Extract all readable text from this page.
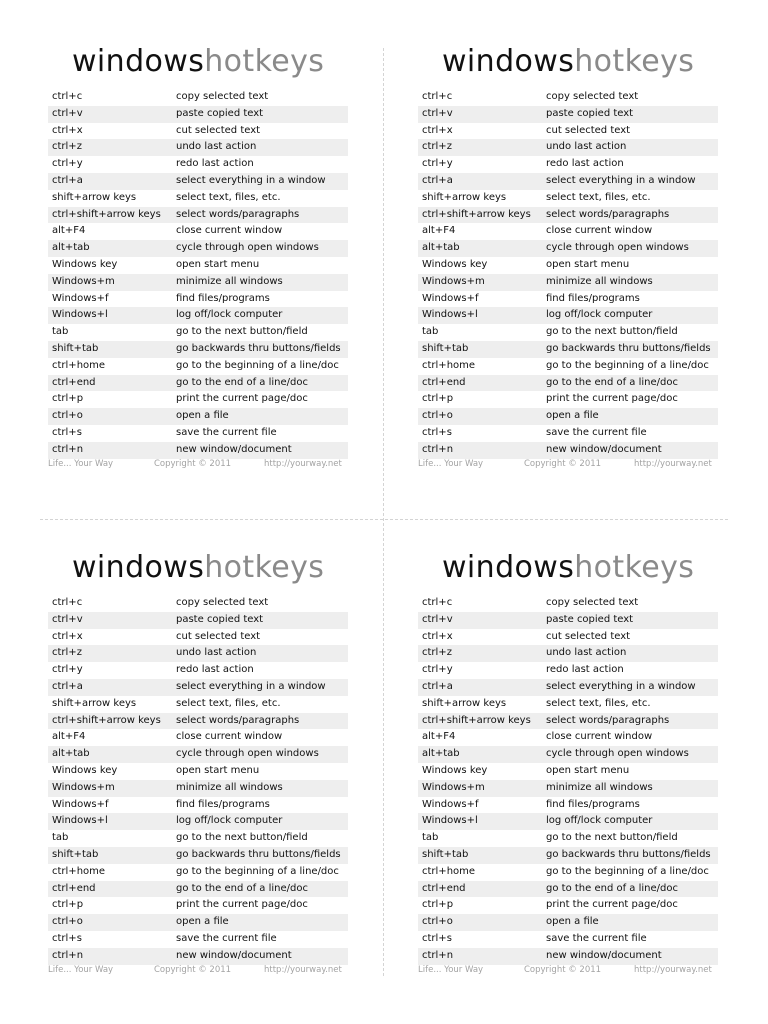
windowshotkeys
ctrl+c	copy selected text
ctrl+v	paste copied text
ctrl+x	cut selected text
ctrl+z	undo last action
ctrl+y	redo last action
ctrl+a	select everything in a window
shift+arrow keys	select text, files, etc.
ctrl+shift+arrow keys	select words/paragraphs
alt+F4	close current window
alt+tab	cycle through open windows
Windows key	open start menu
Windows+m	minimize all windows
Windows+f	find files/programs
Windows+l	log off/lock computer
tab	go to the next button/field
shift+tab	go backwards thru buttons/fields
ctrl+home	go to the beginning of a line/doc
ctrl+end	go to the end of a line/doc
ctrl+p	print the current page/doc
ctrl+o	open a file
ctrl+s	save the current file
ctrl+n	new window/document
Life... Your Way	Copyright © 2011	http://yourway.net
windowshotkeys
ctrl+c	copy selected text
ctrl+v	paste copied text
ctrl+x	cut selected text
ctrl+z	undo last action
ctrl+y	redo last action
ctrl+a	select everything in a window
shift+arrow keys	select text, files, etc.
ctrl+shift+arrow keys	select words/paragraphs
alt+F4	close current window
alt+tab	cycle through open windows
Windows key	open start menu
Windows+m	minimize all windows
Windows+f	find files/programs
Windows+l	log off/lock computer
tab	go to the next button/field
shift+tab	go backwards thru buttons/fields
ctrl+home	go to the beginning of a line/doc
ctrl+end	go to the end of a line/doc
ctrl+p	print the current page/doc
ctrl+o	open a file
ctrl+s	save the current file
ctrl+n	new window/document
Life... Your Way	Copyright © 2011	http://yourway.net
windowshotkeys
ctrl+c	copy selected text
ctrl+v	paste copied text
ctrl+x	cut selected text
ctrl+z	undo last action
ctrl+y	redo last action
ctrl+a	select everything in a window
shift+arrow keys	select text, files, etc.
ctrl+shift+arrow keys	select words/paragraphs
alt+F4	close current window
alt+tab	cycle through open windows
Windows key	open start menu
Windows+m	minimize all windows
Windows+f	find files/programs
Windows+l	log off/lock computer
tab	go to the next button/field
shift+tab	go backwards thru buttons/fields
ctrl+home	go to the beginning of a line/doc
ctrl+end	go to the end of a line/doc
ctrl+p	print the current page/doc
ctrl+o	open a file
ctrl+s	save the current file
ctrl+n	new window/document
Life... Your Way	Copyright © 2011	http://yourway.net
windowshotkeys
ctrl+c	copy selected text
ctrl+v	paste copied text
ctrl+x	cut selected text
ctrl+z	undo last action
ctrl+y	redo last action
ctrl+a	select everything in a window
shift+arrow keys	select text, files, etc.
ctrl+shift+arrow keys	select words/paragraphs
alt+F4	close current window
alt+tab	cycle through open windows
Windows key	open start menu
Windows+m	minimize all windows
Windows+f	find files/programs
Windows+l	log off/lock computer
tab	go to the next button/field
shift+tab	go backwards thru buttons/fields
ctrl+home	go to the beginning of a line/doc
ctrl+end	go to the end of a line/doc
ctrl+p	print the current page/doc
ctrl+o	open a file
ctrl+s	save the current file
ctrl+n	new window/document
Life... Your Way	Copyright © 2011	http://yourway.net
